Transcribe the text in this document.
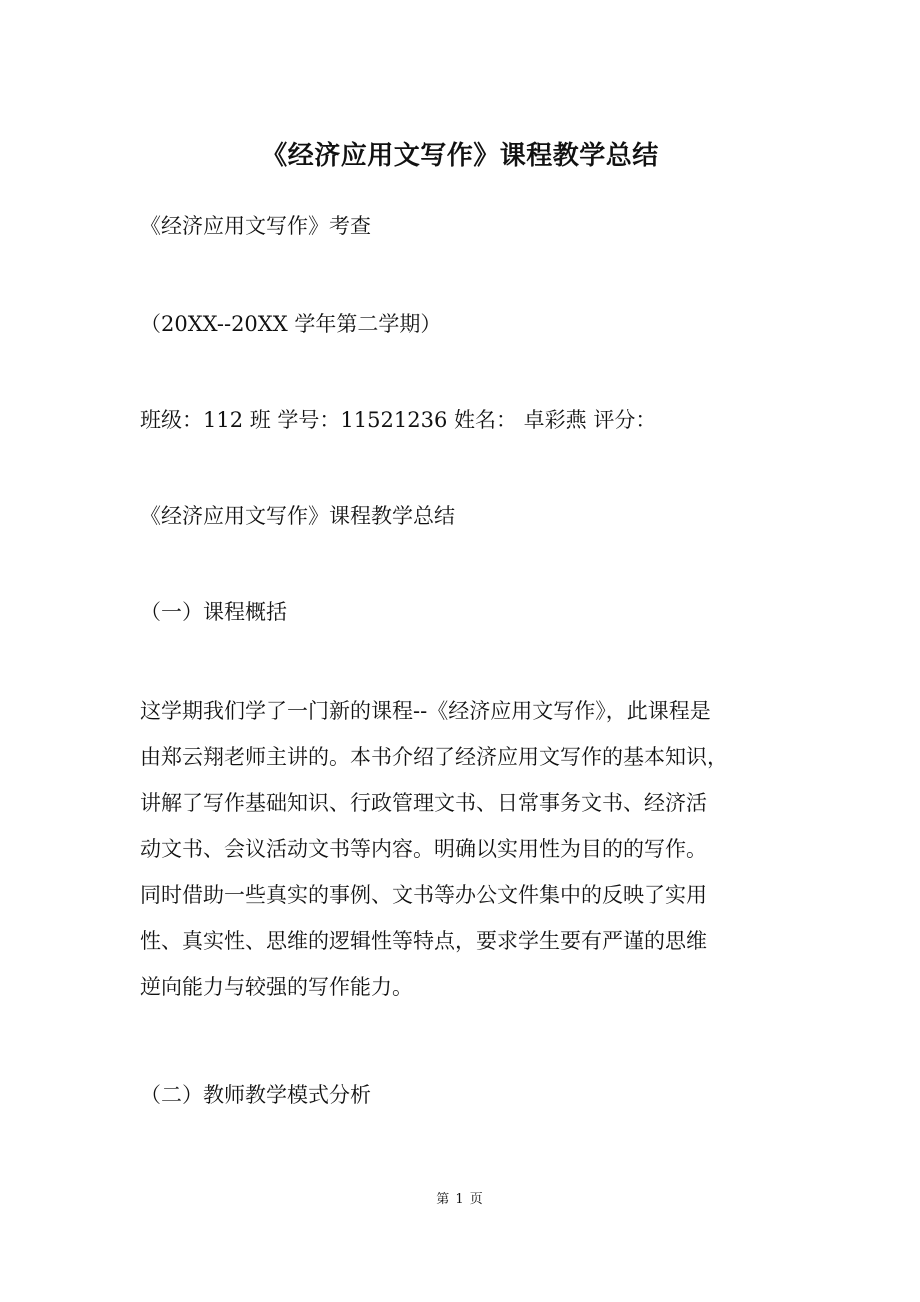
《经济应用文写作》课程教学总结
《经济应用文写作》考查
（20XX--20XX 学年第二学期）
班级：112 班 学号：11521236 姓名： 卓彩燕 评分：
《经济应用文写作》课程教学总结
（一）课程概括
这学期我们学了一门新的课程--《经济应用文写作》，此课程是
由郑云翔老师主讲的。本书介绍了经济应用文写作的基本知识，
讲解了写作基础知识、行政管理文书、日常事务文书、经济活
动文书、会议活动文书等内容。明确以实用性为目的的写作。
同时借助一些真实的事例、文书等办公文件集中的反映了实用
性、真实性、思维的逻辑性等特点，要求学生要有严谨的思维
逆向能力与较强的写作能力。
（二）教师教学模式分析
第 1 页
